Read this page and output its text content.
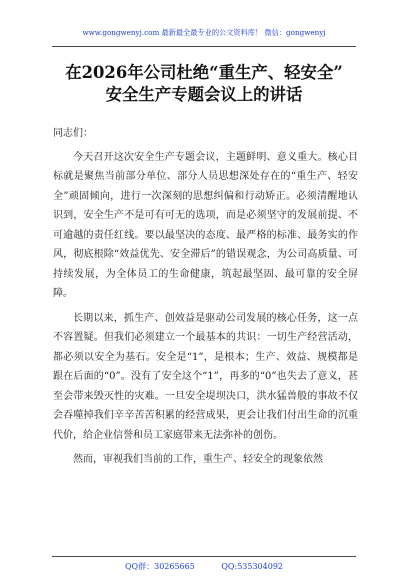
www.gongwenyj.com 最新最全最专业的公文资料库！ 微信：gongwenyj
在2026年公司杜绝“重生产、轻安全”
安全生产专题会议上的讲话

同志们：

今天召开这次安全生产专题会议，主题鲜明、意义重大。核心目标就是聚焦当前部分单位、部分人员思想深处存在的“重生产、轻安全”顽固倾向，进行一次深刻的思想纠偏和行动矫正。必须清醒地认识到，安全生产不是可有可无的选项，而是必须坚守的发展前提、不可逾越的责任红线。要以最坚决的态度、最严格的标准、最务实的作风，彻底根除“效益优先、安全滞后”的错误观念，为公司高质量、可持续发展，为全体员工的生命健康，筑起最坚固、最可靠的安全屏障。

长期以来，抓生产、创效益是驱动公司发展的核心任务，这一点不容置疑。但我们必须建立一个最基本的共识：一切生产经营活动，都必须以安全为基石。安全是“1”，是根本；生产、效益、规模都是跟在后面的“0”。没有了安全这个“1”，再多的“0”也失去了意义，甚至会带来毁灭性的灾难。一旦安全堤坝决口，洪水猛兽般的事故不仅会吞噬掉我们辛辛苦苦积累的经营成果，更会让我们付出生命的沉重代价，给企业信誉和员工家庭带来无法弥补的创伤。

然而，审视我们当前的工作，重生产、轻安全的现象依然

QQ群：30265665	QQ:535304092
